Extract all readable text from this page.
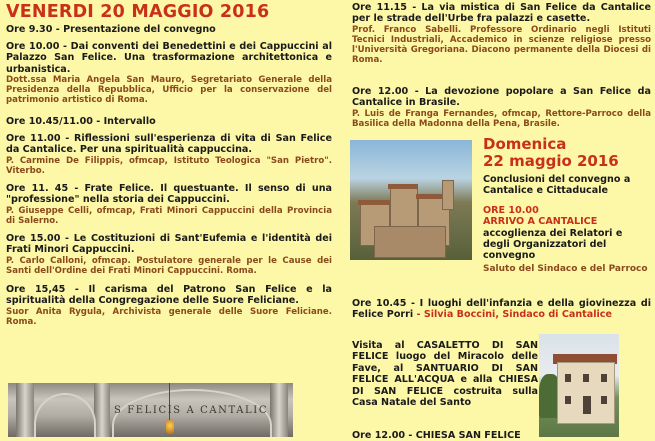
VENERDI 20 MAGGIO 2016

Ore 9.30 - Presentazione del convegno

Ore 10.00 - Dai conventi dei Benedettini e dei Cappuccini al Palazzo San Felice. Una trasformazione architettonica e urbanistica.

Dott.ssa Maria Angela San Mauro, Segretariato Generale della Presidenza della Repubblica, Ufficio per la conservazione del patrimonio artistico di Roma.

Ore 10.45/11.00 - Intervallo

Ore 11.00 - Riflessioni sull'esperienza di vita di San Felice da Cantalice. Per una spiritualità cappuccina.

P. Carmine De Filippis, ofmcap, Istituto Teologica "San Pietro". Viterbo.

Ore 11. 45 - Frate Felice. Il questuante. Il senso di una "professione" nella storia dei Cappuccini.

P. Giuseppe Celli, ofmcap, Frati Minori Cappuccini della Provincia di Salerno.

Ore 15.00 - Le Costituzioni di Sant'Eufemia e l'identità dei Frati Minori Cappuccini.

P. Carlo Calloni, ofmcap. Postulatore generale per le Cause dei Santi dell'Ordine dei Frati Minori Cappuccini. Roma.

Ore 15,45 - Il carisma del Patrono San Felice e la spiritualità della Congregazione delle Suore Feliciane.

Suor Anita Rygula, Archivista generale delle Suore Feliciane. Roma.

S FELICIS A CANTALIC

Ore 11.15 - La via mistica di San Felice da Cantalice per le strade dell'Urbe fra palazzi e casette.

Prof. Franco Sabelli. Professore Ordinario negli Istituti Tecnici Industriali, Accademico in scienze religiose presso l'Università Gregoriana. Diacono permanente della Diocesi di Roma.

Ore 12.00 - La devozione popolare a San Felice da Cantalice in Brasile.

P. Luis de Franga Fernandes, ofmcap, Rettore-Parroco della Basilica della Madonna della Pena, Brasile.

Domenica
22 maggio 2016

Conclusioni del convegno a Cantalice e Cittaducale

ORE 10.00

ARRIVO A CANTALICE

accoglienza dei Relatori e degli Organizzatori del convegno

Saluto del Sindaco e del Parroco

Ore 10.45 - I luoghi dell'infanzia e della giovinezza di Felice Porri - Silvia Boccini, Sindaco di Cantalice

Visita al CASALETTO DI SAN FELICE luogo del Miracolo delle Fave, al SANTUARIO DI SAN FELICE ALL'ACQUA e alla CHIESA DI SAN FELICE costruita sulla Casa Natale del Santo

Ore 12.00 - CHIESA SAN FELICE
